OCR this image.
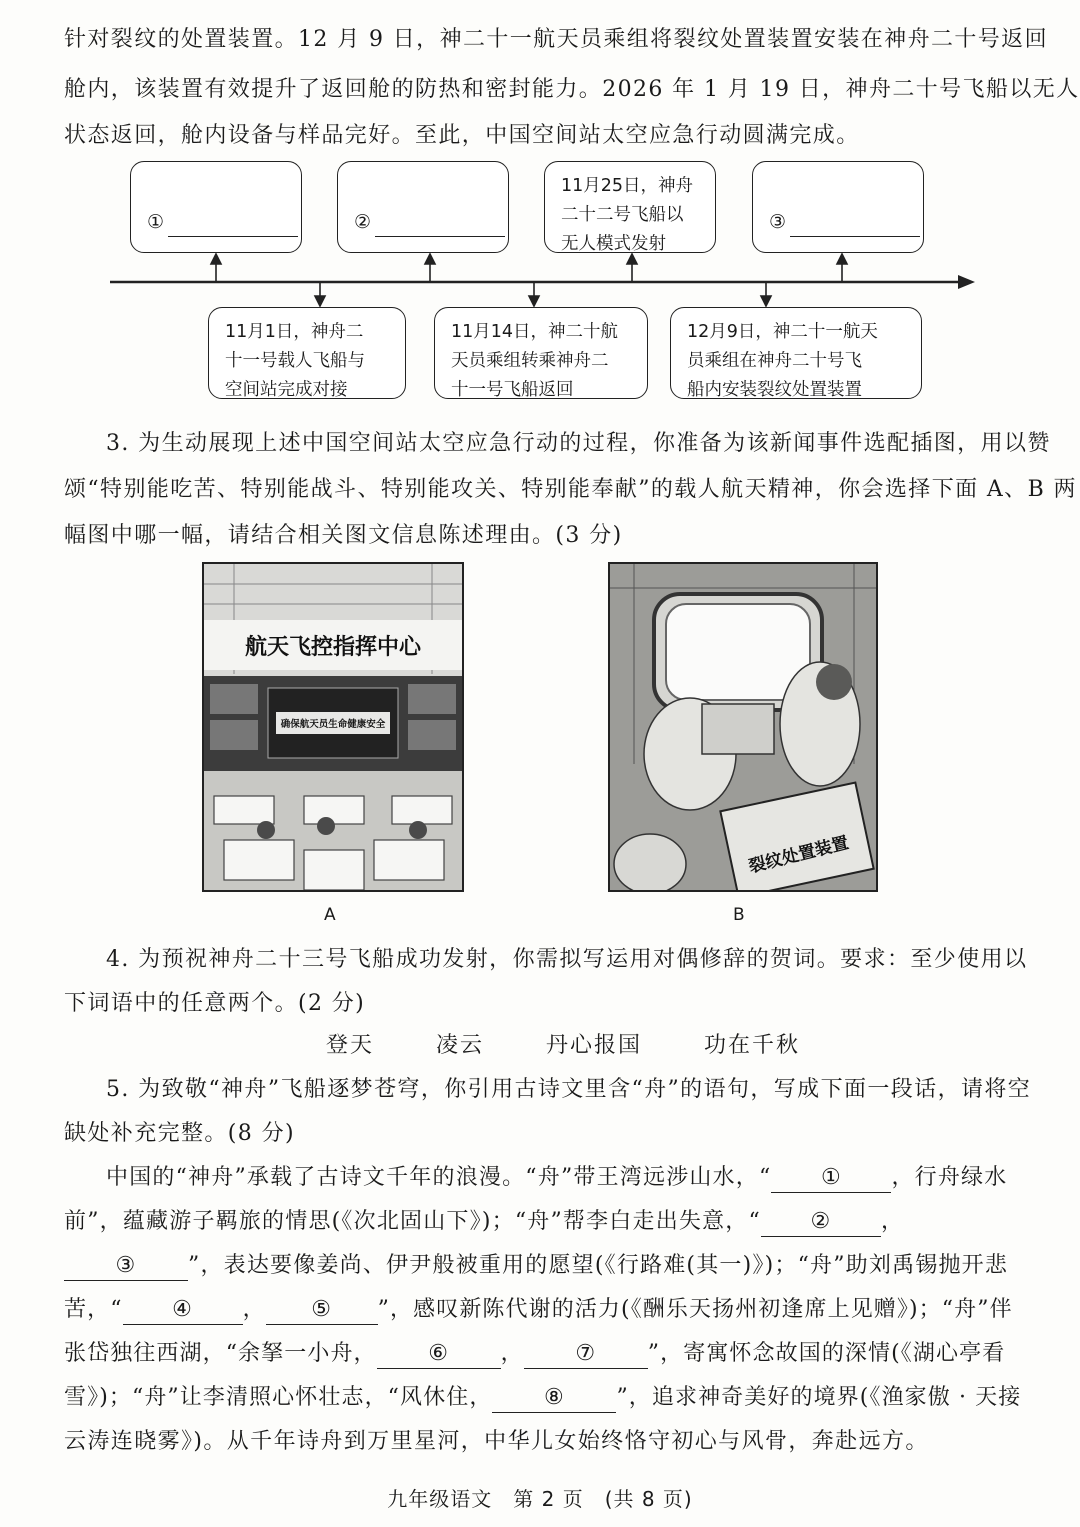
针对裂纹的处置装置。12 月 9 日，神二十一航天员乘组将裂纹处置装置安装在神舟二十号返回
舱内，该装置有效提升了返回舱的防热和密封能力。2026 年 1 月 19 日，神舟二十号飞船以无人
状态返回，舱内设备与样品完好。至此，中国空间站太空应急行动圆满完成。
①	②
11月25日，神舟
二十二号飞船以
无人模式发射
③
11月1日，神舟二
十一号载人飞船与
空间站完成对接
11月14日，神二十航
天员乘组转乘神舟二
十一号飞船返回
12月9日，神二十一航天
员乘组在神舟二十号飞
船内安装裂纹处置装置
3. 为生动展现上述中国空间站太空应急行动的过程，你准备为该新闻事件选配插图，用以赞
颂“特别能吃苦、特别能战斗、特别能攻关、特别能奉献”的载人航天精神，你会选择下面 A、B 两
幅图中哪一幅，请结合相关图文信息陈述理由。(3 分)
航天飞控指挥中心
确保航天员生命健康安全
A
裂纹处置装置
B
4. 为预祝神舟二十三号飞船成功发射，你需拟写运用对偶修辞的贺词。要求：至少使用以
下词语中的任意两个。(2 分)
登天	凌云	丹心报国	功在千秋
5. 为致敬“神舟”飞船逐梦苍穹，你引用古诗文里含“舟”的语句，写成下面一段话，请将空
缺处补充完整。(8 分)
中国的“神舟”承载了古诗文千年的浪漫。“舟”带王湾远涉山水，“ ① ，行舟绿水
前”，蕴藏游子羁旅的情思(《次北固山下》)；“舟”帮李白走出失意，“ ② ，
③ ”，表达要像姜尚、伊尹般被重用的愿望(《行路难(其一)》)；“舟”助刘禹锡抛开悲
苦，“ ④ ， ⑤ ”，感叹新陈代谢的活力(《酬乐天扬州初逢席上见赠》)；“舟”伴
张岱独往西湖，“余拏一小舟， ⑥ ， ⑦ ”，寄寓怀念故国的深情(《湖心亭看
雪》)；“舟”让李清照心怀壮志，“风休住， ⑧ ”，追求神奇美好的境界(《渔家傲 · 天接
云涛连晓雾》)。从千年诗舟到万里星河，中华儿女始终恪守初心与风骨，奔赴远方。
九年级语文　第 2 页　(共 8 页)
